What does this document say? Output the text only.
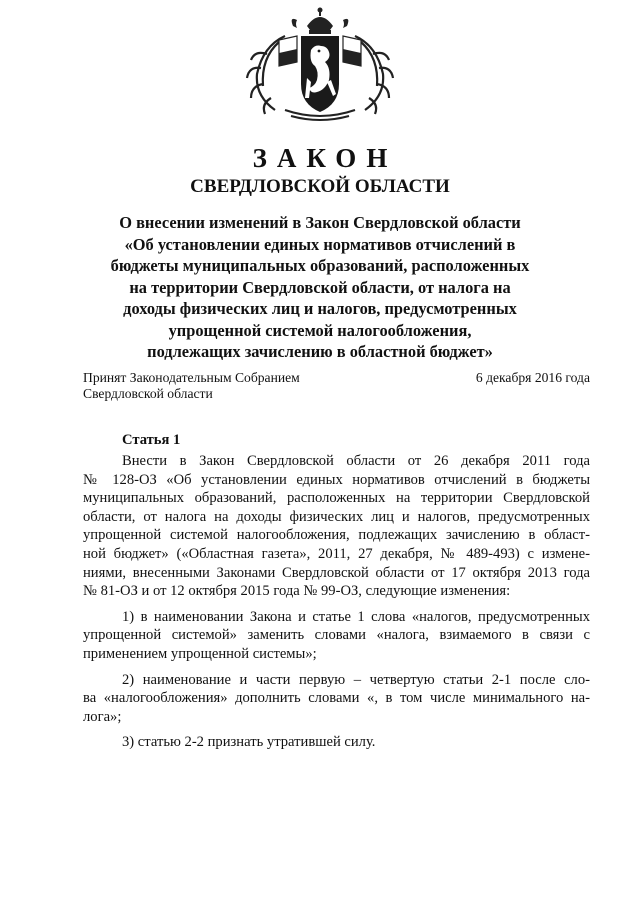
ЗАКОН
СВЕРДЛОВСКОЙ ОБЛАСТИ
О внесении изменений в Закон Свердловской области
«Об установлении единых нормативов отчислений в
бюджеты муниципальных образований, расположенных
на территории Свердловской области, от налога на
доходы физических лиц и налогов, предусмотренных
упрощенной системой налогообложения,
подлежащих зачислению в областной бюджет»
Принят Законодательным Собранием
Свердловской области
6 декабря 2016 года
Статья 1
Внести в Закон Свердловской области от 26 декабря 2011 года
№ 128-ОЗ «Об установлении единых нормативов отчислений в бюджеты
муниципальных образований, расположенных на территории Свердловской
области, от налога на доходы физических лиц и налогов, предусмотренных
упрощенной системой налогообложения, подлежащих зачислению в област-
ной бюджет» («Областная газета», 2011, 27 декабря, № 489-493) с измене-
ниями, внесенными Законами Свердловской области от 17 октября 2013 года
№ 81-ОЗ и от 12 октября 2015 года № 99-ОЗ, следующие изменения:
1) в наименовании Закона и статье 1 слова «налогов, предусмотренных
упрощенной системой» заменить словами «налога, взимаемого в связи с
применением упрощенной системы»;
2) наименование и части первую – четвертую статьи 2-1 после сло-
ва «налогообложения» дополнить словами «, в том числе минимального на-
лога»;
3) статью 2-2 признать утратившей силу.
